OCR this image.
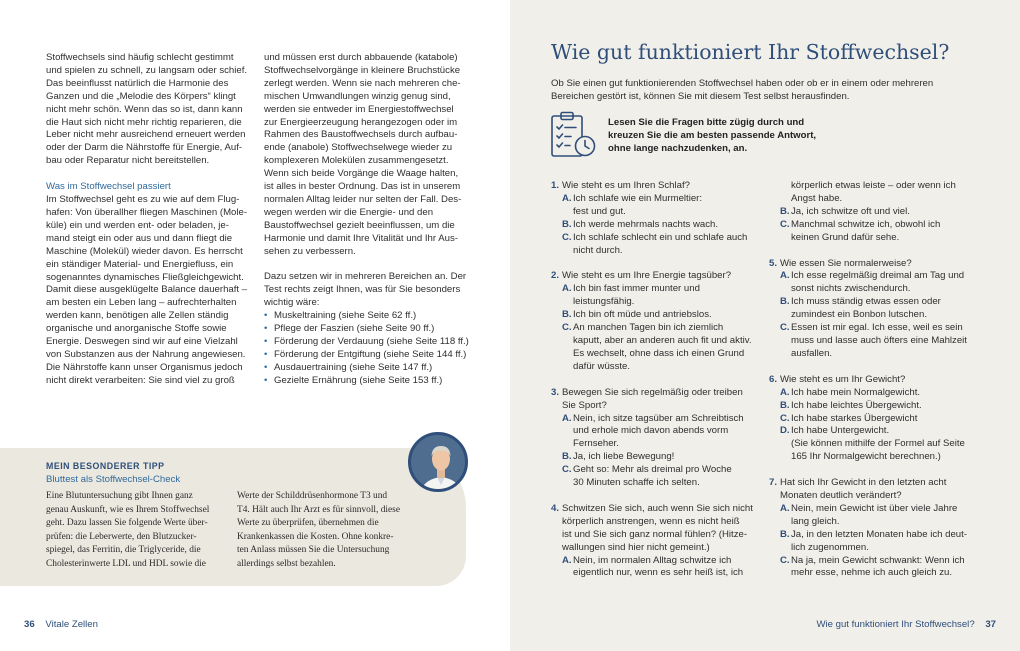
Stoffwechsels sind häufig schlecht gestimmt
und spielen zu schnell, zu langsam oder schief.
Das beeinflusst natürlich die Harmonie des
Ganzen und die „Melodie des Körpers“ klingt
nicht mehr schön. Wenn das so ist, dann kann
die Haut sich nicht mehr richtig reparieren, die
Leber nicht mehr ausreichend erneuert werden
oder der Darm die Nährstoffe für Energie, Auf-
bau oder Reparatur nicht bereitstellen.
Was im Stoffwechsel passiert
Im Stoffwechsel geht es zu wie auf dem Flug-
hafen: Von überallher fliegen Maschinen (Mole-
küle) ein und werden ent- oder beladen, je-
mand steigt ein oder aus und dann fliegt die
Maschine (Molekül) wieder davon. Es herrscht
ein ständiger Material- und Energiefluss, ein
sogenanntes dynamisches Fließgleichgewicht.
Damit diese ausgeklügelte Balance dauerhaft –
am besten ein Leben lang – aufrechterhalten
werden kann, benötigen alle Zellen ständig
organische und anorganische Stoffe sowie
Energie. Deswegen sind wir auf eine Vielzahl
von Substanzen aus der Nahrung angewiesen.
Die Nährstoffe kann unser Organismus jedoch
nicht direkt verarbeiten: Sie sind viel zu groß
und müssen erst durch abbauende (katabole)
Stoffwechselvorgänge in kleinere Bruchstücke
zerlegt werden. Wenn sie nach mehreren che-
mischen Umwandlungen winzig genug sind,
werden sie entweder im Energiestoffwechsel
zur Energieerzeugung herangezogen oder im
Rahmen des Baustoffwechsels durch aufbau-
ende (anabole) Stoffwechselwege wieder zu
komplexeren Molekülen zusammengesetzt.
Wenn sich beide Vorgänge die Waage halten,
ist alles in bester Ordnung. Das ist in unserem
normalen Alltag leider nur selten der Fall. Des-
wegen werden wir die Energie- und den
Baustoffwechsel gezielt beeinflussen, um die
Harmonie und damit Ihre Vitalität und Ihr Aus-
sehen zu verbessern.
Dazu setzen wir in mehreren Bereichen an. Der
Test rechts zeigt Ihnen, was für Sie besonders
wichtig wäre:
• Muskeltraining (siehe Seite 62 ff.)
• Pflege der Faszien (siehe Seite 90 ff.)
• Förderung der Verdauung (siehe Seite 118 ff.)
• Förderung der Entgiftung (siehe Seite 144 ff.)
• Ausdauertraining (siehe Seite 147 ff.)
• Gezielte Ernährung (siehe Seite 153 ff.)
MEIN BESONDERER TIPP
Bluttest als Stoffwechsel-Check
Eine Blutuntersuchung gibt Ihnen ganz
genau Auskunft, wie es Ihrem Stoffwechsel
geht. Dazu lassen Sie folgende Werte über-
prüfen: die Leberwerte, den Blutzucker-
spiegel, das Ferritin, die Triglyceride, die
Cholesterinwerte LDL und HDL sowie die
Werte der Schilddrüsenhormone T3 und
T4. Hält auch Ihr Arzt es für sinnvoll, diese
Werte zu überprüfen, übernehmen die
Krankenkassen die Kosten. Ohne konkre-
ten Anlass müssen Sie die Untersuchung
allerdings selbst bezahlen.
36 Vitale Zellen
Wie gut funktioniert Ihr Stoffwechsel?
Ob Sie einen gut funktionierenden Stoffwechsel haben oder ob er in einem oder mehreren
Bereichen gestört ist, können Sie mit diesem Test selbst herausfinden.
Lesen Sie die Fragen bitte zügig durch und
kreuzen Sie die am besten passende Antwort,
ohne lange nachzudenken, an.
1. Wie steht es um Ihren Schlaf?
A. Ich schlafe wie ein Murmeltier:
fest und gut.
B. Ich werde mehrmals nachts wach.
C. Ich schlafe schlecht ein und schlafe auch
nicht durch.
2. Wie steht es um Ihre Energie tagsüber?
A. Ich bin fast immer munter und
leistungsfähig.
B. Ich bin oft müde und antriebslos.
C. An manchen Tagen bin ich ziemlich
kaputt, aber an anderen auch fit und aktiv.
Es wechselt, ohne dass ich einen Grund
dafür wüsste.
3. Bewegen Sie sich regelmäßig oder treiben
Sie Sport?
A. Nein, ich sitze tagsüber am Schreibtisch
und erhole mich davon abends vorm
Fernseher.
B. Ja, ich liebe Bewegung!
C. Geht so: Mehr als dreimal pro Woche
30 Minuten schaffe ich selten.
4. Schwitzen Sie sich, auch wenn Sie sich nicht
körperlich anstrengen, wenn es nicht heiß
ist und Sie sich ganz normal fühlen? (Hitze-
wallungen sind hier nicht gemeint.)
A. Nein, im normalen Alltag schwitze ich
eigentlich nur, wenn es sehr heiß ist, ich
körperlich etwas leiste – oder wenn ich
Angst habe.
B. Ja, ich schwitze oft und viel.
C. Manchmal schwitze ich, obwohl ich
keinen Grund dafür sehe.
5. Wie essen Sie normalerweise?
A. Ich esse regelmäßig dreimal am Tag und
sonst nichts zwischendurch.
B. Ich muss ständig etwas essen oder
zumindest ein Bonbon lutschen.
C. Essen ist mir egal. Ich esse, weil es sein
muss und lasse auch öfters eine Mahlzeit
ausfallen.
6. Wie steht es um Ihr Gewicht?
A. Ich habe mein Normalgewicht.
B. Ich habe leichtes Übergewicht.
C. Ich habe starkes Übergewicht
D. Ich habe Untergewicht.
(Sie können mithilfe der Formel auf Seite
165 Ihr Normalgewicht berechnen.)
7. Hat sich Ihr Gewicht in den letzten acht
Monaten deutlich verändert?
A. Nein, mein Gewicht ist über viele Jahre
lang gleich.
B. Ja, in den letzten Monaten habe ich deut-
lich zugenommen.
C. Na ja, mein Gewicht schwankt: Wenn ich
mehr esse, nehme ich auch gleich zu.
Wie gut funktioniert Ihr Stoffwechsel? 37
